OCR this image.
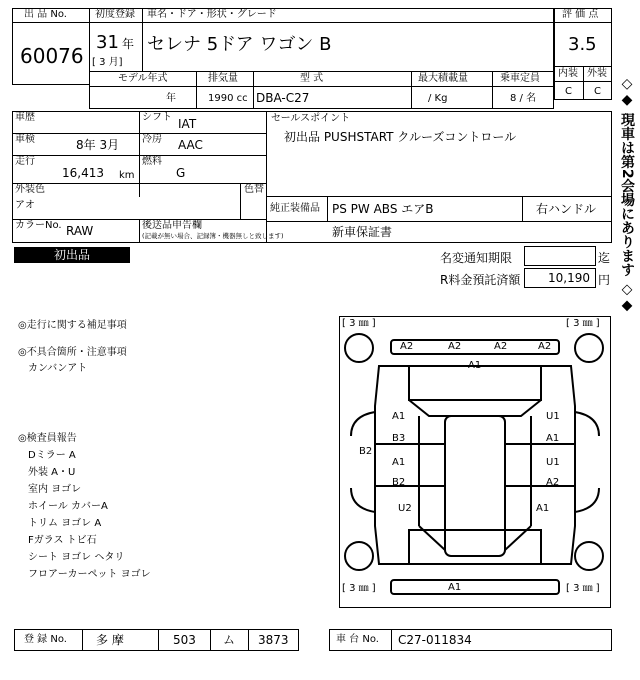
出 品 No.
60076
初度登録 車名・ドア・形状・グレード
31 年
[ 3 月]
セレナ 5ドア ワゴン B
評 価 点
3.5
内装 外装
C C
モデル年式	排気量	型 式	最大積載量	乗車定員
年	1990 cc DBA-C27	/ Kg	8 / 名
車歴	シフト IAT
車検	8年 3月 冷房 AAC
走行
16,413 km
燃料
G
外装色
アオ
色替
カラーNo. RAW	後送品申告欄
(記載が無い場合、記録簿・機器無しと致します)
セールスポイント
初出品 PUSHSTART クルーズコントロール
純正装備品 PS PW ABS エアB	右ハンドル
新車保証書	◇◆ 現車は第2会場にあります ◇◆
初出品	名変通知期限	迄
R料金預託済額 10,190 円
◎走行に関する補足事項
◎不具合箇所・注意事項
カンバンアト
◎検査員報告
Dミラー A
外装 A・U
室内 ヨゴレ
ホイール カバーA
トリム ヨゴレ A
Fガラス トビ石
シート ヨゴレ ヘタリ
フロアーカーペット ヨゴレ
[ 3 ㎜ ]	[ 3 ㎜ ]
[ 3 ㎜ ]	[ 3 ㎜ ]
A2	A2	A2	A2
A1
A1
B3
A1
B2
B2
U1
A1
U1
A2
U2	A1
A1
登 録 No. 多 摩	503 ム 3873	車 台 No. C27-011834
